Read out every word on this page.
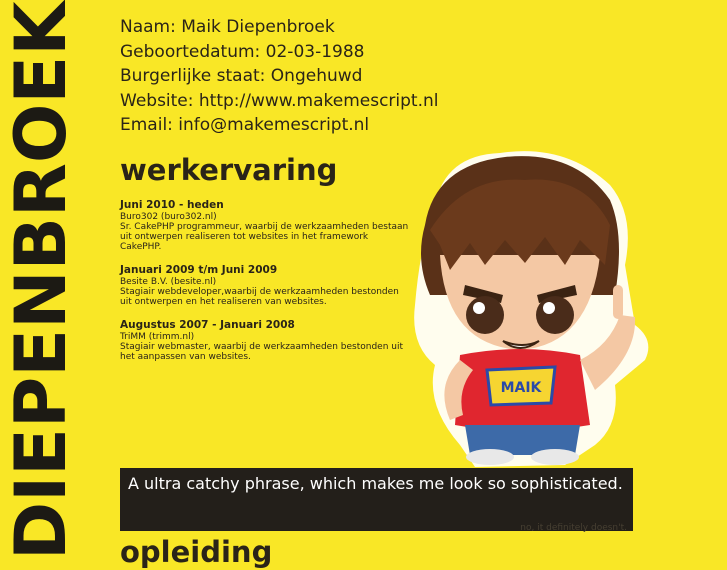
DIEPENBROEK Naam: Maik Diepenbroek
Geboortedatum: 02-03-1988
Burgerlijke staat: Ongehuwd
Website: http://www.makemescript.nl
Email: info@makemescript.nl
werkervaring
Juni 2010 - heden
Buro302 (buro302.nl)
Sr. CakePHP programmeur, waarbij de werkzaamheden bestaan uit ontwerpen realiseren tot websites in het framework CakePHP.
Januari 2009 t/m Juni 2009
Besite B.V. (besite.nl)
Stagiair webdeveloper,waarbij de werkzaamheden bestonden uit ontwerpen en het realiseren van websites.
Augustus 2007 - Januari 2008
TriMM (trimm.nl)
Stagiair webmaster, waarbij de werkzaamheden bestonden uit het aanpassen van websites.
MAIK
A ultra catchy phrase, which makes me look so sophisticated.
no, it definitely doesn't.
opleiding
